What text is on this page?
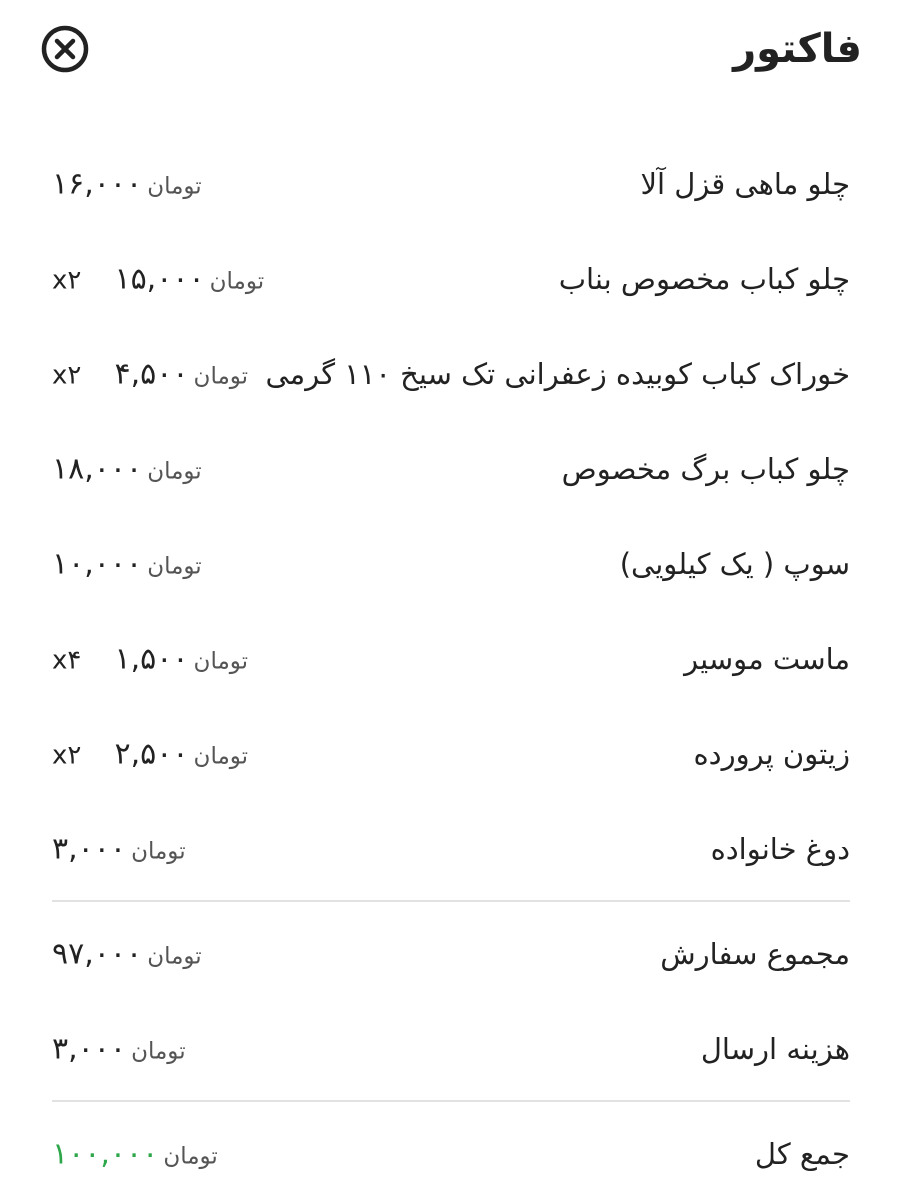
فاکتور
چلو ماهی قزل آلا
تومان ۱۶,۰۰۰
چلو کباب مخصوص بناب
تومان ۱۵,۰۰۰ x۲
خوراک کباب کوبیده زعفرانی تک سیخ ۱۱۰ گرمی
تومان ۴,۵۰۰ x۲
چلو کباب برگ مخصوص
تومان ۱۸,۰۰۰
سوپ ( یک کیلویی)
تومان ۱۰,۰۰۰
ماست موسیر
تومان ۱,۵۰۰ x۴
زیتون پرورده
تومان ۲,۵۰۰ x۲
دوغ خانواده
تومان ۳,۰۰۰
مجموع سفارش
تومان ۹۷,۰۰۰
هزینه ارسال
تومان ۳,۰۰۰
جمع کل
تومان ۱۰۰,۰۰۰
